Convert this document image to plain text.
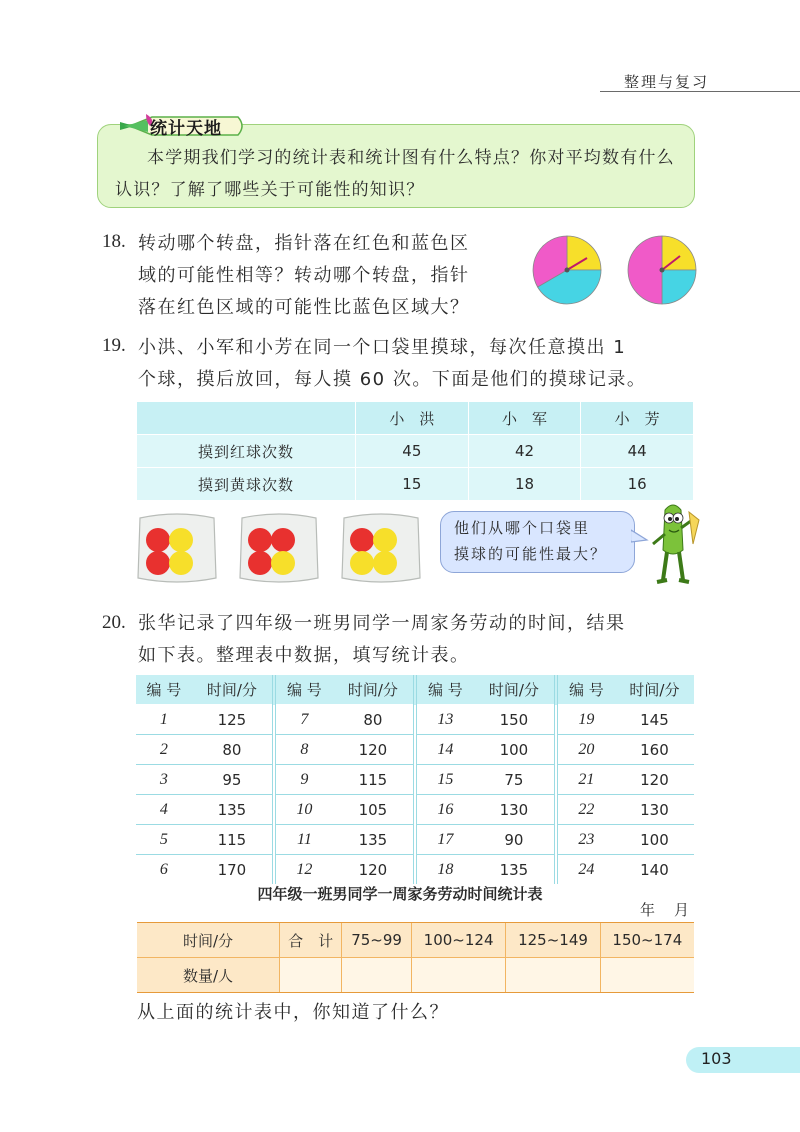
整理与复习
统计天地
本学期我们学习的统计表和统计图有什么特点？你对平均数有什么认识？了解了哪些关于可能性的知识？
18. 转动哪个转盘，指针落在红色和蓝色区
域的可能性相等？转动哪个转盘，指针
落在红色区域的可能性比蓝色区域大？
19. 小洪、小军和小芳在同一个口袋里摸球，每次任意摸出 1
个球，摸后放回，每人摸 60 次。下面是他们的摸球记录。
	小　洪	小　军	小　芳
摸到红球次数	45	42	44
摸到黄球次数	15	18	16
他们从哪个口袋里
摸球的可能性最大？
20. 张华记录了四年级一班男同学一周家务劳动的时间，结果
如下表。整理表中数据，填写统计表。
编 号	时间/分	编 号	时间/分	编 号	时间/分	编 号	时间/分
1	125	7	80	13	150	19	145
2	80	8	120	14	100	20	160
3	95	9	115	15	75	21	120
4	135	10	105	16	130	22	130
5	115	11	135	17	90	23	100
6	170	12	120	18	135	24	140
四年级一班男同学一周家务劳动时间统计表
年　月
时间/分	合　计	75~99	100~124	125~149	150~174
数量/人					
从上面的统计表中，你知道了什么？
103
